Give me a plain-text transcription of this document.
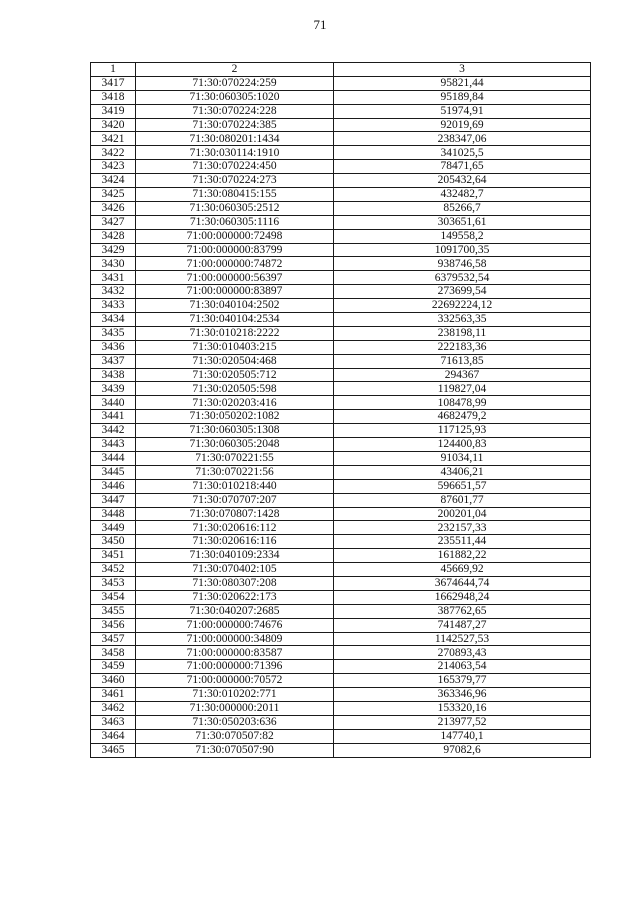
71
1	2	3
3417	71:30:070224:259	95821,44
3418	71:30:060305:1020	95189,84
3419	71:30:070224:228	51974,91
3420	71:30:070224:385	92019,69
3421	71:30:080201:1434	238347,06
3422	71:30:030114:1910	341025,5
3423	71:30:070224:450	78471,65
3424	71:30:070224:273	205432,64
3425	71:30:080415:155	432482,7
3426	71:30:060305:2512	85266,7
3427	71:30:060305:1116	303651,61
3428	71:00:000000:72498	149558,2
3429	71:00:000000:83799	1091700,35
3430	71:00:000000:74872	938746,58
3431	71:00:000000:56397	6379532,54
3432	71:00:000000:83897	273699,54
3433	71:30:040104:2502	22692224,12
3434	71:30:040104:2534	332563,35
3435	71:30:010218:2222	238198,11
3436	71:30:010403:215	222183,36
3437	71:30:020504:468	71613,85
3438	71:30:020505:712	294367
3439	71:30:020505:598	119827,04
3440	71:30:020203:416	108478,99
3441	71:30:050202:1082	4682479,2
3442	71:30:060305:1308	117125,93
3443	71:30:060305:2048	124400,83
3444	71:30:070221:55	91034,11
3445	71:30:070221:56	43406,21
3446	71:30:010218:440	596651,57
3447	71:30:070707:207	87601,77
3448	71:30:070807:1428	200201,04
3449	71:30:020616:112	232157,33
3450	71:30:020616:116	235511,44
3451	71:30:040109:2334	161882,22
3452	71:30:070402:105	45669,92
3453	71:30:080307:208	3674644,74
3454	71:30:020622:173	1662948,24
3455	71:30:040207:2685	387762,65
3456	71:00:000000:74676	741487,27
3457	71:00:000000:34809	1142527,53
3458	71:00:000000:83587	270893,43
3459	71:00:000000:71396	214063,54
3460	71:00:000000:70572	165379,77
3461	71:30:010202:771	363346,96
3462	71:30:000000:2011	153320,16
3463	71:30:050203:636	213977,52
3464	71:30:070507:82	147740,1
3465	71:30:070507:90	97082,6
